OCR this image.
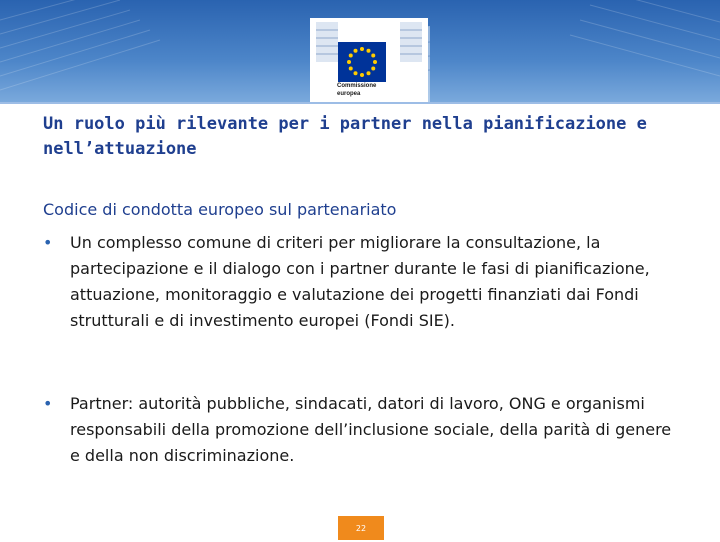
Commissione
europea
Un ruolo più rilevante per i partner nella pianificazione e nell’attuazione
Codice di condotta europeo sul partenariato
• Un complesso comune di criteri per migliorare la consultazione, la partecipazione e il dialogo con i partner durante le fasi di pianificazione, attuazione, monitoraggio e valutazione dei progetti finanziati dai Fondi strutturali e di investimento europei (Fondi SIE).
• Partner: autorità pubbliche, sindacati, datori di lavoro, ONG e organismi responsabili della promozione dell’inclusione sociale, della parità di genere e della non discriminazione.
22
